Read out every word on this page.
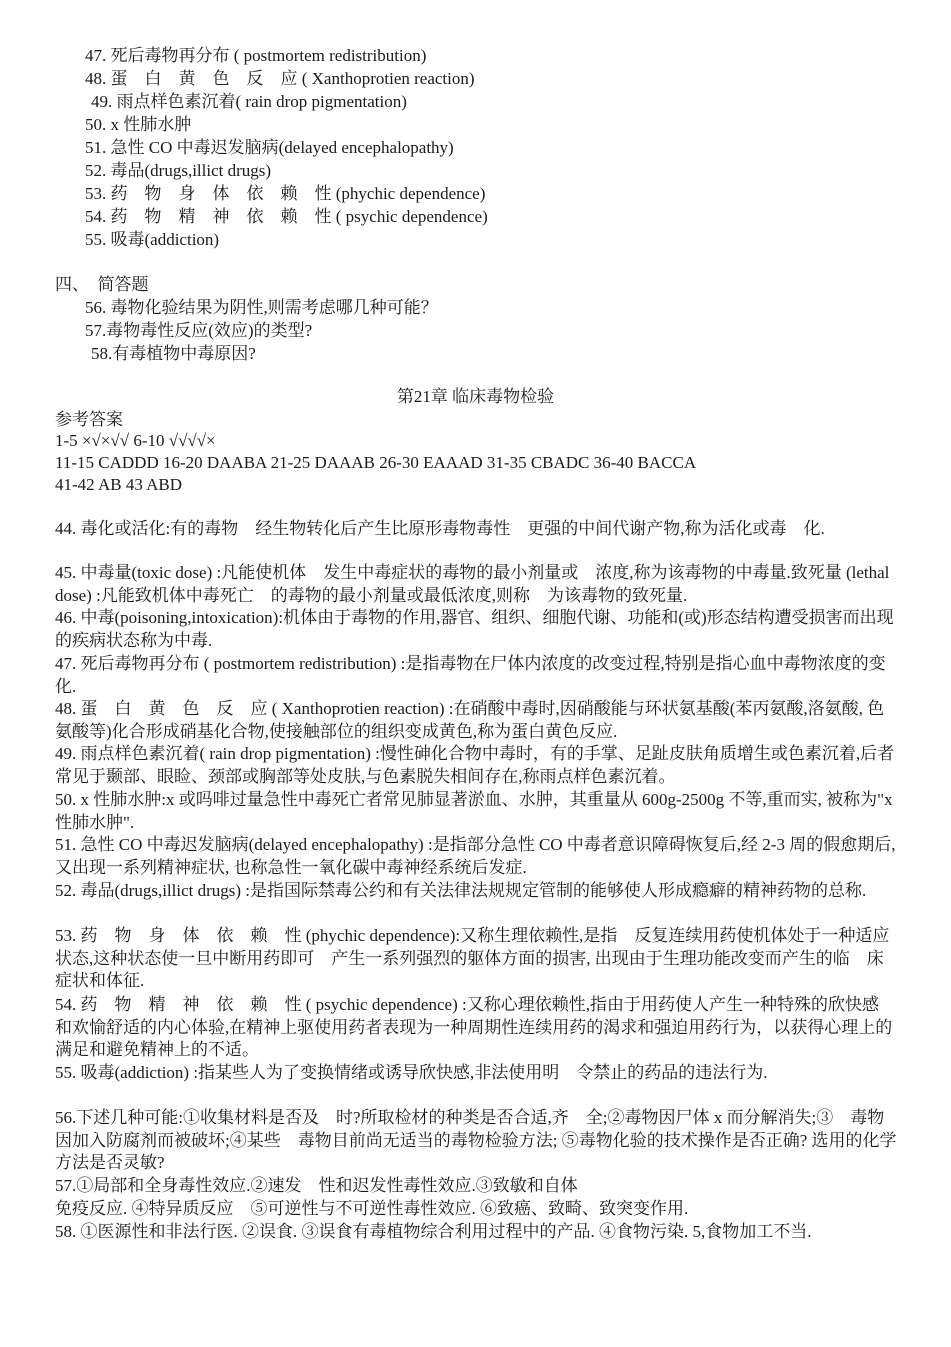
47. 死后毒物再分布 ( postmortem redistribution)
48. 蛋　白　黄　色　反　应 ( Xanthoprotien reaction)
49. 雨点样色素沉着( rain drop pigmentation)
50. x 性肺水肿
51. 急性 CO 中毒迟发脑病(delayed encephalopathy)
52. 毒品(drugs,illict drugs)
53. 药　物　身　体　依　赖　性 (phychic dependence)
54. 药　物　精　神　依　赖　性 ( psychic dependence)
55. 吸毒(addiction)
四、　简答题
56. 毒物化验结果为阴性,则需考虑哪几种可能？
57.毒物毒性反应(效应)的类型?
58.有毒植物中毒原因?
第21章 临床毒物检验
参考答案
1-5 ×√×√√ 6-10 √√√√×
11-15 CADDD 16-20 DAABA 21-25 DAAAB 26-30 EAAAD 31-35 CBADC 36-40 BACCA
41-42 AB 43 ABD
44. 毒化或活化:有的毒物　经生物转化后产生比原形毒物毒性　更强的中间代谢产物,称为活化或毒　化.
45. 中毒量(toxic dose) :凡能使机体　发生中毒症状的毒物的最小剂量或　浓度,称为该毒物的中毒量.致死量 (lethal dose) :凡能致机体中毒死亡　的毒物的最小剂量或最低浓度,则称　为该毒物的致死量.
46. 中毒(poisoning,intoxication):机体由于毒物的作用,器官、组织、细胞代谢、功能和(或)形态结构遭受损害而出现的疾病状态称为中毒.
47. 死后毒物再分布 ( postmortem redistribution) :是指毒物在尸体内浓度的改变过程,特别是指心血中毒物浓度的变化.
48. 蛋　白　黄　色　反　应 ( Xanthoprotien reaction) :在硝酸中毒时,因硝酸能与环状氨基酸(苯丙氨酸,洛氨酸, 色氨酸等)化合形成硝基化合物,使接触部位的组织变成黄色,称为蛋白黄色反应.
49. 雨点样色素沉着( rain drop pigmentation) :慢性砷化合物中毒时，有的手掌、足趾皮肤角质增生或色素沉着,后者常见于颞部、眼睑、颈部或胸部等处皮肤,与色素脱失相间存在,称雨点样色素沉着。
50. x 性肺水肿:x 或吗啡过量急性中毒死亡者常见肺显著淤血、水肿，其重量从 600g-2500g 不等,重而实, 被称为"x 性肺水肿".
51. 急性 CO 中毒迟发脑病(delayed encephalopathy) :是指部分急性 CO 中毒者意识障碍恢复后,经 2-3 周的假愈期后,又出现一系列精神症状, 也称急性一氧化碳中毒神经系统后发症.
52. 毒品(drugs,illict drugs) :是指国际禁毒公约和有关法律法规规定管制的能够使人形成瘾癖的精神药物的总称.
53. 药　物　身　体　依　赖　性 (phychic dependence):又称生理依赖性,是指　反复连续用药使机体处于一种适应　状态,这种状态使一旦中断用药即可　产生一系列强烈的躯体方面的损害, 出现由于生理功能改变而产生的临　床症状和体征.
54. 药　物　精　神　依　赖　性 ( psychic dependence) :又称心理依赖性,指由于用药使人产生一种特殊的欣快感　和欢愉舒适的内心体验,在精神上驱使用药者表现为一种周期性连续用药的渴求和强迫用药行为，以获得心理上的满足和避免精神上的不适。
55. 吸毒(addiction) :指某些人为了变换情绪或诱导欣快感,非法使用明　令禁止的药品的违法行为.
56.下述几种可能:①收集材料是否及　时?所取检材的种类是否合适,齐　全;②毒物因尸体 x 而分解消失;③　毒物因加入防腐剂而被破坏;④某些　毒物目前尚无适当的毒物检验方法; ⑤毒物化验的技术操作是否正确? 选用的化学方法是否灵敏?
57.①局部和全身毒性效应.②速发　性和迟发性毒性效应.③致敏和自体
免疫反应. ④特异质反应　⑤可逆性与不可逆性毒性效应. ⑥致癌、致畸、致突变作用.
58. ①医源性和非法行医. ②误食. ③误食有毒植物综合利用过程中的产品. ④食物污染. 5,食物加工不当.
